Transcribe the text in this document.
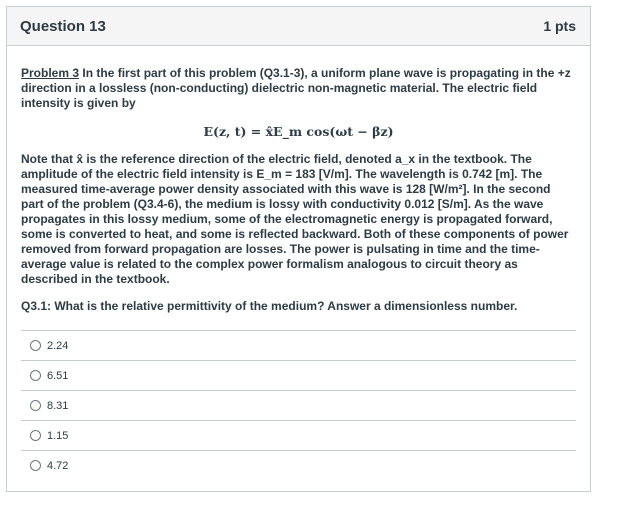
Question 13	1 pts

Problem 3 In the first part of this problem (Q3.1-3), a uniform plane wave is propagating in the +z direction in a lossless (non-conducting) dielectric non-magnetic material. The electric field intensity is given by

E(z, t) = x̂E_m cos(ωt − βz)

Note that x̂ is the reference direction of the electric field, denoted a_x in the textbook. The amplitude of the electric field intensity is E_m = 183 [V/m]. The wavelength is 0.742 [m]. The measured time-average power density associated with this wave is 128 [W/m²]. In the second part of the problem (Q3.4-6), the medium is lossy with conductivity 0.012 [S/m]. As the wave propagates in this lossy medium, some of the electromagnetic energy is propagated forward, some is converted to heat, and some is reflected backward. Both of these components of power removed from forward propagation are losses. The power is pulsating in time and the time-average value is related to the complex power formalism analogous to circuit theory as described in the textbook.

Q3.1: What is the relative permittivity of the medium? Answer a dimensionless number.

2.24
6.51
8.31
1.15
4.72
